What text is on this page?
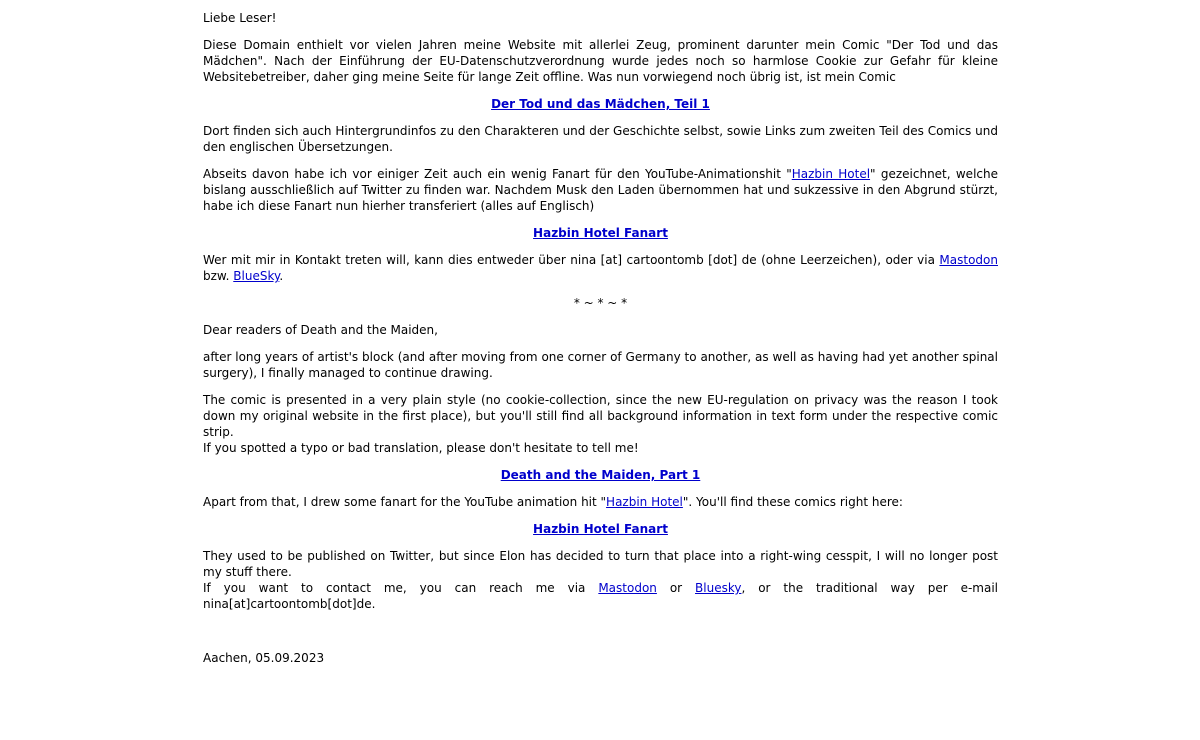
Liebe Leser!

Diese Domain enthielt vor vielen Jahren meine Website mit allerlei Zeug, prominent darunter mein Comic "Der Tod und das Mädchen". Nach der Einführung der EU-Datenschutzverordnung wurde jedes noch so harmlose Cookie zur Gefahr für kleine Websitebetreiber, daher ging meine Seite für lange Zeit offline. Was nun vorwiegend noch übrig ist, ist mein Comic

Der Tod und das Mädchen, Teil 1

Dort finden sich auch Hintergrundinfos zu den Charakteren und der Geschichte selbst, sowie Links zum zweiten Teil des Comics und den englischen Übersetzungen.

Abseits davon habe ich vor einiger Zeit auch ein wenig Fanart für den YouTube-Animationshit "Hazbin Hotel" gezeichnet, welche bislang ausschließlich auf Twitter zu finden war. Nachdem Musk den Laden übernommen hat und sukzessive in den Abgrund stürzt, habe ich diese Fanart nun hierher transferiert (alles auf Englisch)

Hazbin Hotel Fanart

Wer mit mir in Kontakt treten will, kann dies entweder über nina [at] cartoontomb [dot] de (ohne Leerzeichen), oder via Mastodon bzw. BlueSky.

* ~ * ~ *

Dear readers of Death and the Maiden,

after long years of artist's block (and after moving from one corner of Germany to another, as well as having had yet another spinal surgery), I finally managed to continue drawing.

The comic is presented in a very plain style (no cookie-collection, since the new EU-regulation on privacy was the reason I took down my original website in the first place), but you'll still find all background information in text form under the respective comic strip.
If you spotted a typo or bad translation, please don't hesitate to tell me!

Death and the Maiden, Part 1

Apart from that, I drew some fanart for the YouTube animation hit "Hazbin Hotel". You'll find these comics right here:

Hazbin Hotel Fanart

They used to be published on Twitter, but since Elon has decided to turn that place into a right-wing cesspit, I will no longer post my stuff there.
If you want to contact me, you can reach me via Mastodon or Bluesky, or the traditional way per e-mail nina[at]cartoontomb[dot]de.

Aachen, 05.09.2023
